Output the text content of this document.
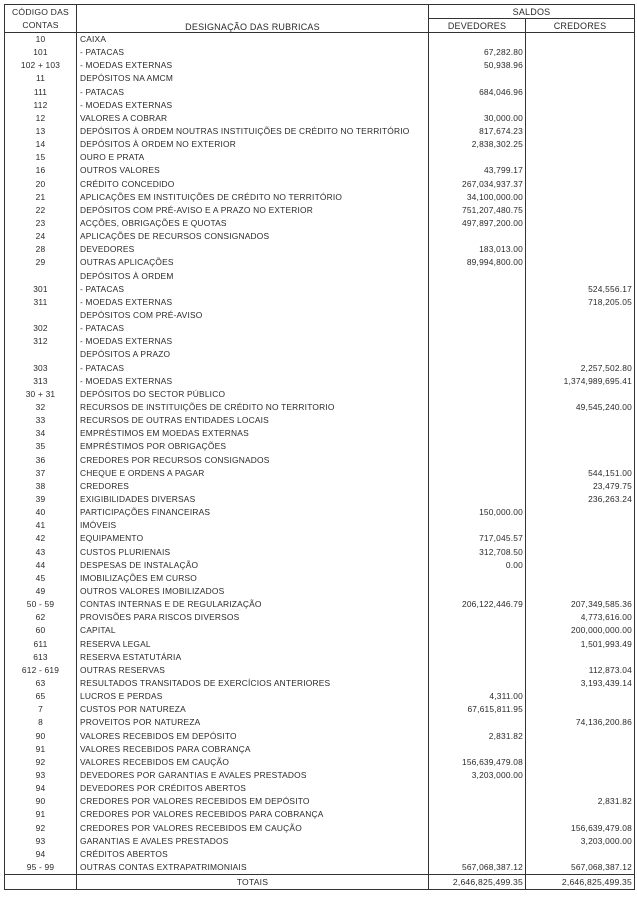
CÓDIGO DAS
CONTAS	DESIGNAÇÃO DAS RUBRICAS	SALDOS	
		DEVEDORES	CREDORES
10	CAIXA		
101	- PATACAS	67,282.80	
102 + 103	- MOEDAS EXTERNAS	50,938.96	
11	DEPÓSITOS NA AMCM		
111	- PATACAS	684,046.96	
112	- MOEDAS EXTERNAS		
12	VALORES A COBRAR	30,000.00	
13	DEPÓSITOS À ORDEM NOUTRAS INSTITUIÇÕES DE CRÉDITO NO TERRITÓRIO	817,674.23	
14	DEPÓSITOS À ORDEM NO EXTERIOR	2,838,302.25	
15	OURO E PRATA		
16	OUTROS VALORES	43,799.17	
20	CRÉDITO CONCEDIDO	267,034,937.37	
21	APLICAÇÕES EM INSTITUIÇÕES DE CRÉDITO NO TERRITÓRIO	34,100,000.00	
22	DEPÓSITOS COM PRÉ-AVISO E A PRAZO NO EXTERIOR	751,207,480.75	
23	ACÇÕES, OBRIGAÇÕES E QUOTAS	497,897,200.00	
24	APLICAÇÕES DE RECURSOS CONSIGNADOS		
28	DEVEDORES	183,013.00	
29	OUTRAS APLICAÇÕES	89,994,800.00	
	DEPÓSITOS À ORDEM		
301	- PATACAS		524,556.17
311	- MOEDAS EXTERNAS		718,205.05
	DEPÓSITOS COM PRÉ-AVISO		
302	- PATACAS		
312	- MOEDAS EXTERNAS		
	DEPÓSITOS A PRAZO		
303	- PATACAS		2,257,502.80
313	- MOEDAS EXTERNAS		1,374,989,695.41
30 + 31	DEPÓSITOS DO SECTOR PÚBLICO		
32	RECURSOS DE INSTITUIÇÕES DE CRÉDITO NO TERRITORIO		49,545,240.00
33	RECURSOS DE OUTRAS ENTIDADES LOCAIS		
34	EMPRÉSTIMOS EM MOEDAS EXTERNAS		
35	EMPRÉSTIMOS POR OBRIGAÇÕES		
36	CREDORES POR RECURSOS CONSIGNADOS		
37	CHEQUE E ORDENS A PAGAR		544,151.00
38	CREDORES		23,479.75
39	EXIGIBILIDADES DIVERSAS		236,263.24
40	PARTICIPAÇÕES FINANCEIRAS	150,000.00	
41	IMÓVEIS		
42	EQUIPAMENTO	717,045.57	
43	CUSTOS PLURIENAIS	312,708.50	
44	DESPESAS DE INSTALAÇÃO	0.00	
45	IMOBILIZAÇÕES EM CURSO		
49	OUTROS VALORES IMOBILIZADOS		
50 - 59	CONTAS INTERNAS E DE REGULARIZAÇÃO	206,122,446.79	207,349,585.36
62	PROVISÕES PARA RISCOS DIVERSOS		4,773,616.00
60	CAPITAL		200,000,000.00
611	RESERVA LEGAL		1,501,993.49
613	RESERVA ESTATUTÁRIA		
612 - 619	OUTRAS RESERVAS		112,873.04
63	RESULTADOS TRANSITADOS DE EXERCÍCIOS ANTERIORES		3,193,439.14
65	LUCROS E PERDAS	4,311.00	
7	CUSTOS POR NATUREZA	67,615,811.95	
8	PROVEITOS POR NATUREZA		74,136,200.86
90	VALORES RECEBIDOS EM DEPÓSITO	2,831.82	
91	VALORES RECEBIDOS PARA COBRANÇA		
92	VALORES RECEBIDOS EM CAUÇÃO	156,639,479.08	
93	DEVEDORES POR GARANTIAS E AVALES PRESTADOS	3,203,000.00	
94	DEVEDORES POR CRÉDITOS ABERTOS		
90	CREDORES POR VALORES RECEBIDOS EM DEPÓSITO		2,831.82
91	CREDORES POR VALORES RECEBIDOS PARA COBRANÇA		
92	CREDORES POR VALORES RECEBIDOS EM CAUÇÃO		156,639,479.08
93	GARANTIAS E AVALES PRESTADOS		3,203,000.00
94	CRÉDITOS ABERTOS		
95 - 99	OUTRAS CONTAS EXTRAPATRIMONIAIS	567,068,387.12	567,068,387.12
	TOTAIS	2,646,825,499.35	2,646,825,499.35
